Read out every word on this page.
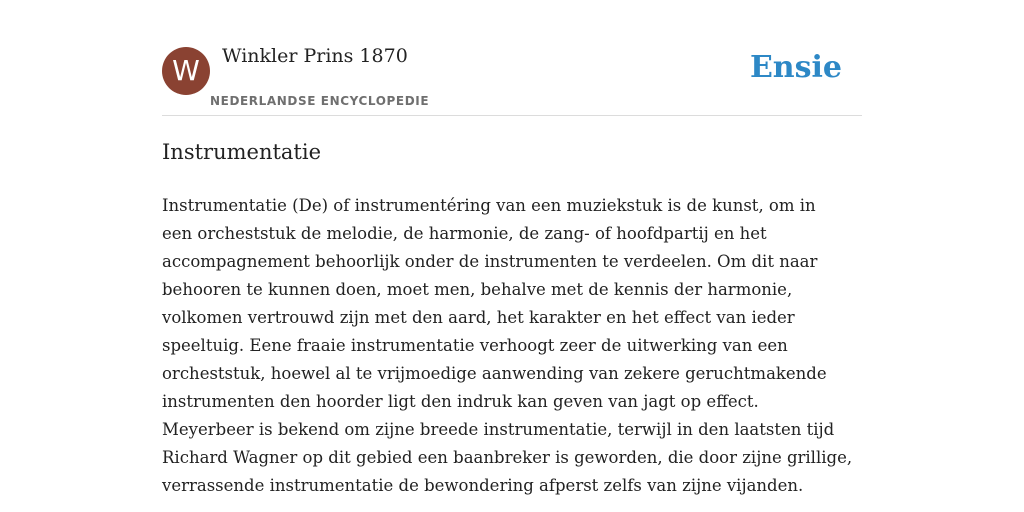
W	Winkler Prins 1870
NEDERLANDSE ENCYCLOPEDIE
Ensie
Instrumentatie

Instrumentatie (De) of instrumentéring van een muziekstuk is de kunst, om in
een orcheststuk de melodie, de harmonie, de zang- of hoofdpartij en het
accompagnement behoorlijk onder de instrumenten te verdeelen. Om dit naar
behooren te kunnen doen, moet men, behalve met de kennis der harmonie,
volkomen vertrouwd zijn met den aard, het karakter en het effect van ieder
speeltuig. Eene fraaie instrumentatie verhoogt zeer de uitwerking van een
orcheststuk, hoewel al te vrijmoedige aanwending van zekere geruchtmakende
instrumenten den hoorder ligt den indruk kan geven van jagt op effect.
Meyerbeer is bekend om zijne breede instrumentatie, terwijl in den laatsten tijd
Richard Wagner op dit gebied een baanbreker is geworden, die door zijne grillige,
verrassende instrumentatie de bewondering afperst zelfs van zijne vijanden.
